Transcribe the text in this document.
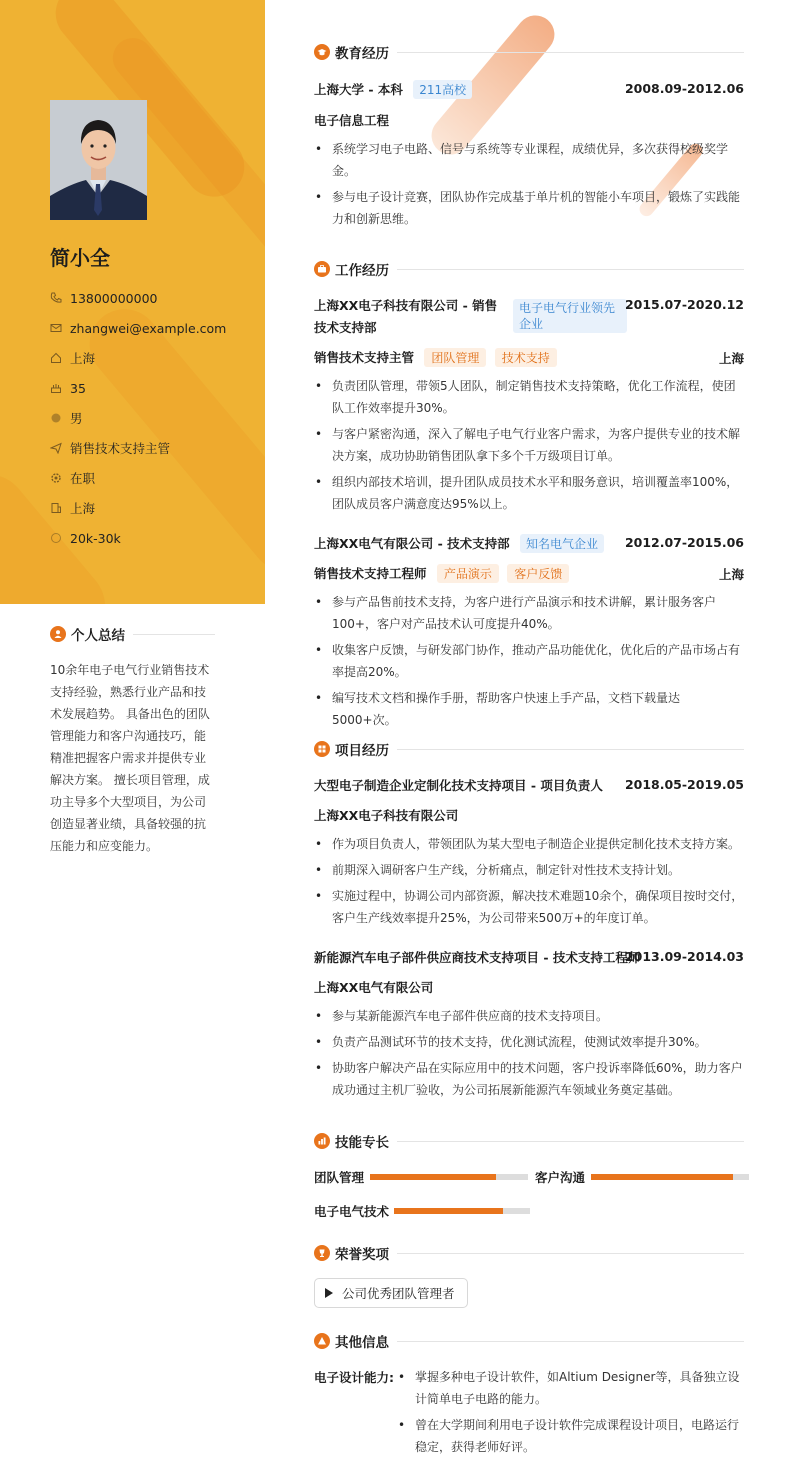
简小全
13800000000
zhangwei@example.com
上海
35
男
销售技术支持主管
在职
上海
20k-30k
个人总结
10余年电子电气行业销售技术支持经验，熟悉行业产品和技术发展趋势。 具备出色的团队管理能力和客户沟通技巧，能精准把握客户需求并提供专业解决方案。 擅长项目管理，成功主导多个大型项目，为公司创造显著业绩，具备较强的抗压能力和应变能力。
教育经历
上海大学 - 本科 211高校	2008.09-2012.06
电子信息工程
• 系统学习电子电路、信号与系统等专业课程，成绩优异，多次获得校级奖学金。
• 参与电子设计竞赛，团队协作完成基于单片机的智能小车项目，锻炼了实践能力和创新思维。
工作经历
上海XX电子科技有限公司 - 销售技术支持部
电子电气行业领先企业
2015.07-2020.12
销售技术支持主管 团队管理 技术支持	上海
• 负责团队管理，带领5人团队，制定销售技术支持策略，优化工作流程，使团队工作效率提升30%。
• 与客户紧密沟通，深入了解电子电气行业客户需求，为客户提供专业的技术解决方案，成功协助销售团队拿下多个千万级项目订单。
• 组织内部技术培训，提升团队成员技术水平和服务意识，培训覆盖率100%，团队成员客户满意度达95%以上。
上海XX电气有限公司 - 技术支持部 知名电气企业	2012.07-2015.06
销售技术支持工程师 产品演示 客户反馈	上海
• 参与产品售前技术支持，为客户进行产品演示和技术讲解，累计服务客户100+，客户对产品技术认可度提升40%。
• 收集客户反馈，与研发部门协作，推动产品功能优化，优化后的产品市场占有率提高20%。
• 编写技术文档和操作手册，帮助客户快速上手产品，文档下载量达5000+次。
项目经历
大型电子制造企业定制化技术支持项目 - 项目负责人 2018.05-2019.05
上海XX电子科技有限公司
• 作为项目负责人，带领团队为某大型电子制造企业提供定制化技术支持方案。
• 前期深入调研客户生产线，分析痛点，制定针对性技术支持计划。
• 实施过程中，协调公司内部资源，解决技术难题10余个，确保项目按时交付，客户生产线效率提升25%，为公司带来500万+的年度订单。
新能源汽车电子部件供应商技术支持项目 - 技术支持工程师
2013.09-2014.03
上海XX电气有限公司
• 参与某新能源汽车电子部件供应商的技术支持项目。
• 负责产品测试环节的技术支持，优化测试流程，使测试效率提升30%。
• 协助客户解决产品在实际应用中的技术问题，客户投诉率降低60%，助力客户成功通过主机厂验收，为公司拓展新能源汽车领域业务奠定基础。
技能专长
团队管理	客户沟通
电子电气技术
荣誉奖项
公司优秀团队管理者
其他信息
电子设计能力:
•	掌握多种电子设计软件，如Altium Designer等，具备独立设计简单电子电路的能力。
• 曾在大学期间利用电子设计软件完成课程设计项目，电路运行稳定，获得老师好评。
